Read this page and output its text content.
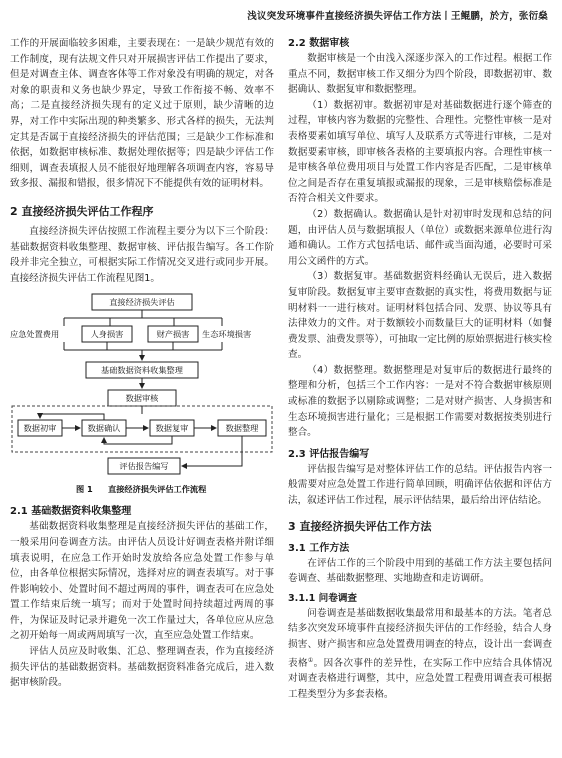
浅议突发环境事件直接经济损失评估工作方法丨王鲲鹏，於方，张衍燊

工作的开展面临较多困难，主要表现在：一是缺少规范有效的工作制度，现有法规文件只对开展损害评估工作提出了要求，但是对调查主体、调查客体等工作对象没有明确的规定，对各对象的职责和义务也缺少界定，导致工作衔接不畅、效率不高；二是直接经济损失现有的定义过于原则，缺少清晰的边界，对工作中实际出现的种类繁多、形式各样的损失，无法判定其是否属于直接经济损失的评估范围；三是缺少工作标准和依据，如数据审核标准、数据处理依据等；四是缺少评估工作细则，调查表填报人员不能很好地理解各项调查内容，容易导致多报、漏报和错报，很多情况下不能提供有效的证明材料。

2 直接经济损失评估工作程序

直接经济损失评估按照工作流程主要分为以下三个阶段：基础数据资料收集整理、数据审核、评估报告编写。各工作阶段并非完全独立，可根据实际工作情况交叉进行或同步开展。直接经济损失评估工作流程见图1。

直接经济损失评估
人身损害	财产损害
应急处置费用	生态环境损害
基础数据资料收集整理
数据审核
数据初审	数据确认	数据复审	数据整理
评估报告编写
图 1 直接经济损失评估工作流程
2.1 基础数据资料收集整理

基础数据资料收集整理是直接经济损失评估的基础工作，一般采用问卷调查方法。由评估人员设计好调查表格并附详细填表说明，在应急工作开始时发放给各应急处置工作参与单位，由各单位根据实际情况，选择对应的调查表填写。对于事件影响较小、处置时间不超过两周的事件，调查表可在应急处置工作结束后统一填写；而对于处置时间持续超过两周的事件，为保证及时记录并避免一次工作量过大，各单位应从应急之初开始每一周或两周填写一次，直至应急处置工作结束。

评估人员应及时收集、汇总、整理调查表，作为直接经济损失评估的基础数据资料。基础数据资料准备完成后，进入数据审核阶段。

2.2 数据审核

数据审核是一个由浅入深逐步深入的工作过程。根据工作重点不同，数据审核工作又细分为四个阶段，即数据初审、数据确认、数据复审和数据整理。

（1）数据初审。数据初审是对基础数据进行逐个筛查的过程，审核内容为数据的完整性、合理性。完整性审核一是对表格要素如填写单位、填写人及联系方式等进行审核，二是对数据要素审核，即审核各表格的主要填报内容。合理性审核一是审核各单位费用项目与处置工作内容是否匹配，二是审核单位之间是否存在重复填报或漏报的现象，三是审核赔偿标准是否符合相关文件要求。

（2）数据确认。数据确认是针对初审时发现和总结的问题，由评估人员与数据填报人（单位）或数据来源单位进行沟通和确认。工作方式包括电话、邮件或当面沟通，必要时可采用公文函件的方式。

（3）数据复审。基础数据资料经确认无误后，进入数据复审阶段。数据复审主要审查数据的真实性，将费用数据与证明材料一一进行核对。证明材料包括合同、发票、协议等具有法律效力的文件。对于数额较小而数量巨大的证明材料（如餐费发票、油费发票等），可抽取一定比例的原始票据进行核实检查。

（4）数据整理。数据整理是对复审后的数据进行最终的整理和分析，包括三个工作内容：一是对不符合数据审核原则或标准的数据予以剔除或调整；二是对财产损害、人身损害和生态环境损害进行量化；三是根据工作需要对数据按类别进行整合。

2.3 评估报告编写

评估报告编写是对整体评估工作的总结。评估报告内容一般需要对应急处置工作进行简单回顾，明确评估依据和评估方法，叙述评估工作过程，展示评估结果，最后给出评估结论。

3 直接经济损失评估工作方法
3.1 工作方法

在评估工作的三个阶段中用到的基础工作方法主要包括问卷调查、基础数据整理、实地勘查和走访调研。

3.1.1 问卷调查

问卷调查是基础数据收集最常用和最基本的方法。笔者总结多次突发环境事件直接经济损失评估的工作经验，结合人身损害、财产损害和应急处置费用调查的特点，设计出一套调查表格①。因各次事件的差异性，在实际工作中应结合具体情况对调查表格进行调整，其中，应急处置工程费用调查表可根据工程类型分为多套表格。
